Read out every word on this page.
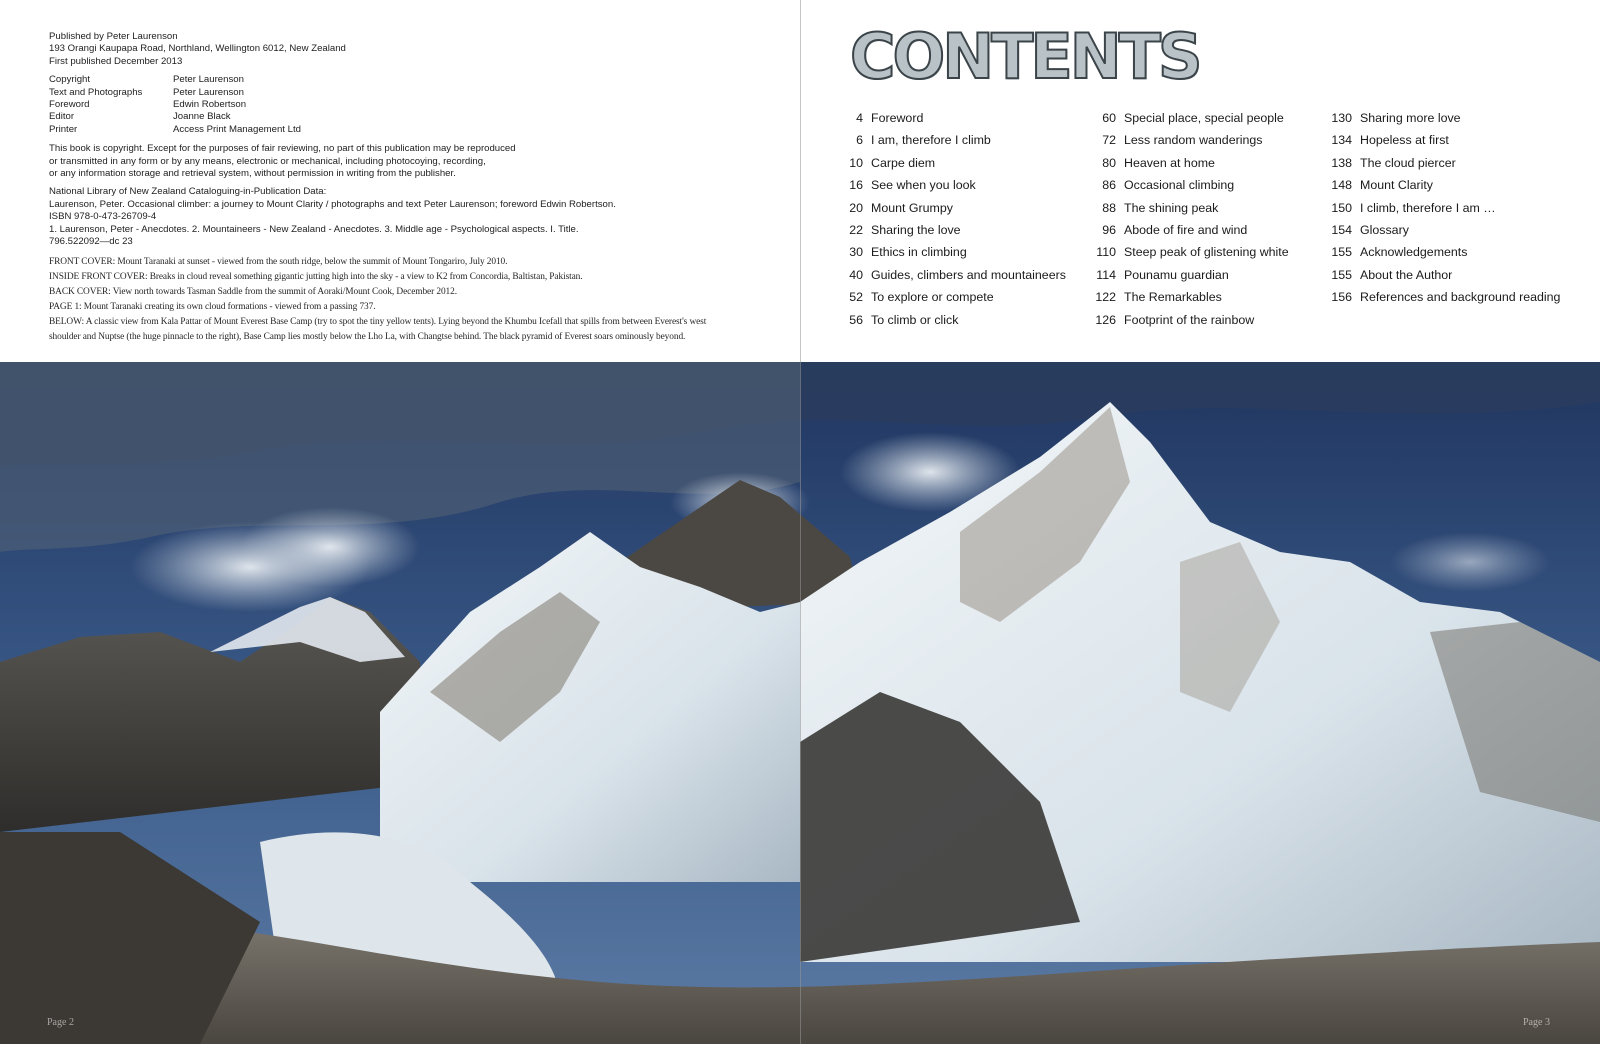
Published by Peter Laurenson

193 Orangi Kaupapa Road, Northland, Wellington 6012, New Zealand

First published December 2013

Copyright	Peter Laurenson
Text and Photographs	Peter Laurenson
Foreword	Edwin Robertson
Editor	Joanne Black
Printer	Access Print Management Ltd

This book is copyright. Except for the purposes of fair reviewing, no part of this publication may be reproduced

or transmitted in any form or by any means, electronic or mechanical, including photocoying, recording,

or any information storage and retrieval system, without permission in writing from the publisher.

National Library of New Zealand Cataloguing-in-Publication Data:

Laurenson, Peter. Occasional climber: a journey to Mount Clarity / photographs and text Peter Laurenson; foreword Edwin Robertson.

ISBN 978-0-473-26709-4

1. Laurenson, Peter - Anecdotes. 2. Mountaineers - New Zealand - Anecdotes. 3. Middle age - Psychological aspects. I. Title.

796.522092—dc 23

FRONT COVER: Mount Taranaki at sunset - viewed from the south ridge, below the summit of Mount Tongariro, July 2010.

INSIDE FRONT COVER: Breaks in cloud reveal something gigantic jutting high into the sky - a view to K2 from Concordia, Baltistan, Pakistan.

BACK COVER: View north towards Tasman Saddle from the summit of Aoraki/Mount Cook, December 2012.

PAGE 1: Mount Taranaki creating its own cloud formations - viewed from a passing 737.

BELOW: A classic view from Kala Pattar of Mount Everest Base Camp (try to spot the tiny yellow tents). Lying beyond the Khumbu Icefall that spills from between Everest's west

shoulder and Nuptse (the huge pinnacle to the right), Base Camp lies mostly below the Lho La, with Changtse behind. The black pyramid of Everest soars ominously beyond.

CONTENTS
4 Foreword
6 I am, therefore I climb
10 Carpe diem
16 See when you look
20 Mount Grumpy
22 Sharing the love
30 Ethics in climbing
40 Guides, climbers and mountaineers
52 To explore or compete
56 To climb or click
60 Special place, special people
72 Less random wanderings
80 Heaven at home
86 Occasional climbing
88 The shining peak
96 Abode of fire and wind
110 Steep peak of glistening white
114 Pounamu guardian
122 The Remarkables
126 Footprint of the rainbow
130 Sharing more love
134 Hopeless at first
138 The cloud piercer
148 Mount Clarity
150 I climb, therefore I am …
154 Glossary
155 Acknowledgements
155 About the Author
156 References and background reading
Page 2	Page 3
